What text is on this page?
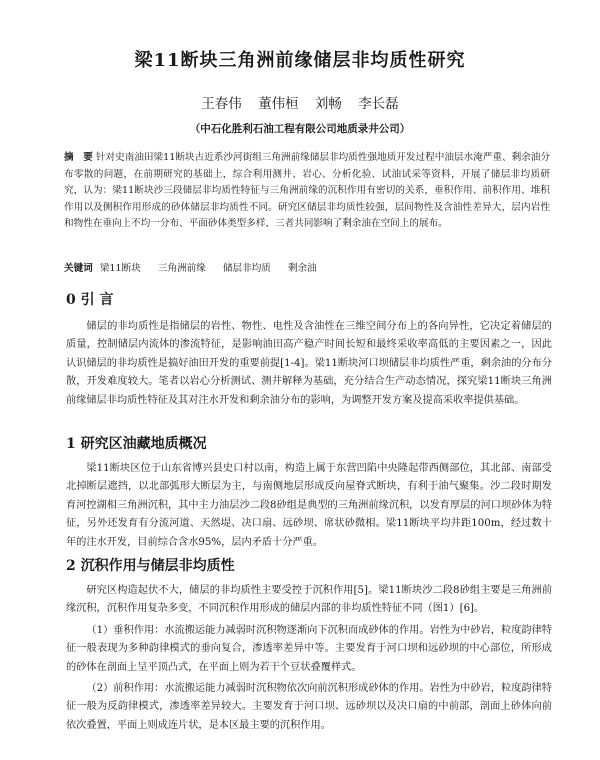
梁11断块三角洲前缘储层非均质性研究
王春伟 董伟桓 刘畅 李长磊
（中石化胜利石油工程有限公司地质录井公司）
摘　要 针对史南油田梁11断块古近系沙河街组三角洲前缘储层非均质性强地质开发过程中油层水淹严重、剩余油分布零散的问题，在前期研究的基础上，综合利用测井、岩心、分析化验、试油试采等资料，开展了储层非均质研究，认为：梁11断块沙三段储层非均质性特征与三角洲前缘的沉积作用有密切的关系，垂积作用、前积作用、堆积作用以及侧积作用形成的砂体储层非均质性不同。研究区储层非均质性较强，层间物性及含油性差异大，层内岩性和物性在垂向上不均一分布、平面砂体类型多样，三者共同影响了剩余油在空间上的展布。
关键词 梁11断块 三角洲前缘 储层非均质 剩余油
0 引 言

储层的非均质性是指储层的岩性、物性、电性及含油性在三维空间分布上的各向异性，它决定着储层的质量，控制储层内流体的渗流特征，是影响油田高产稳产时间长短和最终采收率高低的主要因素之一，因此认识储层的非均质性是搞好油田开发的重要前提[1-4]。梁11断块河口坝储层非均质性严重，剩余油的分布分散，开发难度较大。笔者以岩心分析测试、测井解释为基础，充分结合生产动态情况，探究梁11断块三角洲前缘储层非均质性特征及其对注水开发和剩余油分布的影响，为调整开发方案及提高采收率提供基础。

1 研究区油藏地质概况

梁11断块区位于山东省博兴县史口村以南，构造上属于东营凹陷中央隆起带西侧部位，其北部、南部受北掉断层遮挡，以北部弧形大断层为主，与南侧地层形成反向屋脊式断块，有利于油气聚集。沙二段时期发育河控湖相三角洲沉积，其中主力油层沙二段8砂组是典型的三角洲前缘沉积，以发育厚层的河口坝砂体为特征，另外还发育有分流河道、天然堤、决口扇、远砂坝、席状砂微相。梁11断块平均井距100m，经过数十年的注水开发，目前综合含水95%，层内矛盾十分严重。

2 沉积作用与储层非均质性

研究区构造起伏不大，储层的非均质性主要受控于沉积作用[5]。梁11断块沙二段8砂组主要是三角洲前缘沉积，沉积作用复杂多变，不同沉积作用形成的储层内部的非均质性特征不同（图1）[6]。

（1）垂积作用：水流搬运能力减弱时沉积物逐渐向下沉积而成砂体的作用。岩性为中砂岩，粒度韵律特征一般表现为多种韵律模式的垂向复合，渗透率差异中等。主要发育于河口坝和远砂坝的中心部位，所形成的砂体在剖面上呈平顶凸式，在平面上则为若干个豆状叠覆样式。

（2）前积作用：水流搬运能力减弱时沉积物依次向前沉积形成砂体的作用。岩性为中砂岩，粒度韵律特征一般为反韵律模式，渗透率差异较大。主要发育于河口坝、远砂坝以及决口扇的中前部，剖面上砂体向前依次叠置，平面上则成连片状，是本区最主要的沉积作用。
